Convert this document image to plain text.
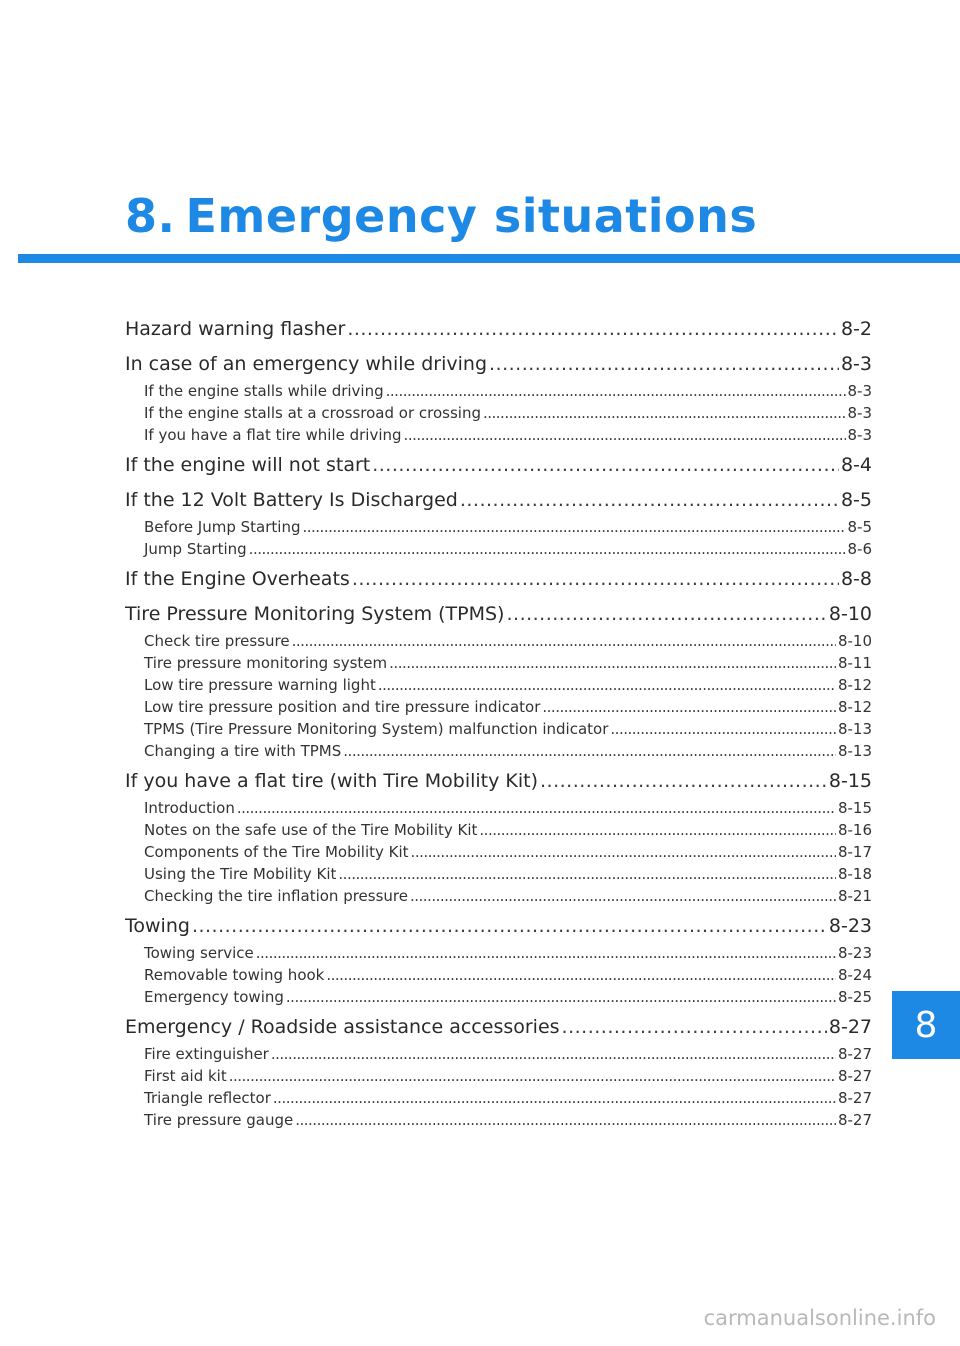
8. Emergency situations
Hazard warning flasher .....	8-2
In case of an emergency while driving .....	8-3
If the engine stalls while driving .....	8-3
If the engine stalls at a crossroad or crossing .....	8-3
If you have a flat tire while driving .....	8-3
If the engine will not start .....	8-4
If the 12 Volt Battery Is Discharged .....	8-5
Before Jump Starting .....	8-5
Jump Starting .....	8-6
If the Engine Overheats .....	8-8
Tire Pressure Monitoring System (TPMS) .....	8-10
Check tire pressure .....	8-10
Tire pressure monitoring system .....	8-11
Low tire pressure warning light .....	8-12
Low tire pressure position and tire pressure indicator .....	8-12
TPMS (Tire Pressure Monitoring System) malfunction indicator .....	8-13
Changing a tire with TPMS .....	8-13
If you have a flat tire (with Tire Mobility Kit) .....	8-15
Introduction .....	8-15
Notes on the safe use of the Tire Mobility Kit .....	8-16
Components of the Tire Mobility Kit .....	8-17
Using the Tire Mobility Kit .....	8-18
Checking the tire inflation pressure .....	8-21
Towing .....	8-23
Towing service .....	8-23
Removable towing hook .....	8-24
Emergency towing .....	8-25
Emergency / Roadside assistance accessories .....	8-27
Fire extinguisher .....	8-27
First aid kit .....	8-27
Triangle reflector .....	8-27
Tire pressure gauge .....	8-27
8
carmanualsonline.info
